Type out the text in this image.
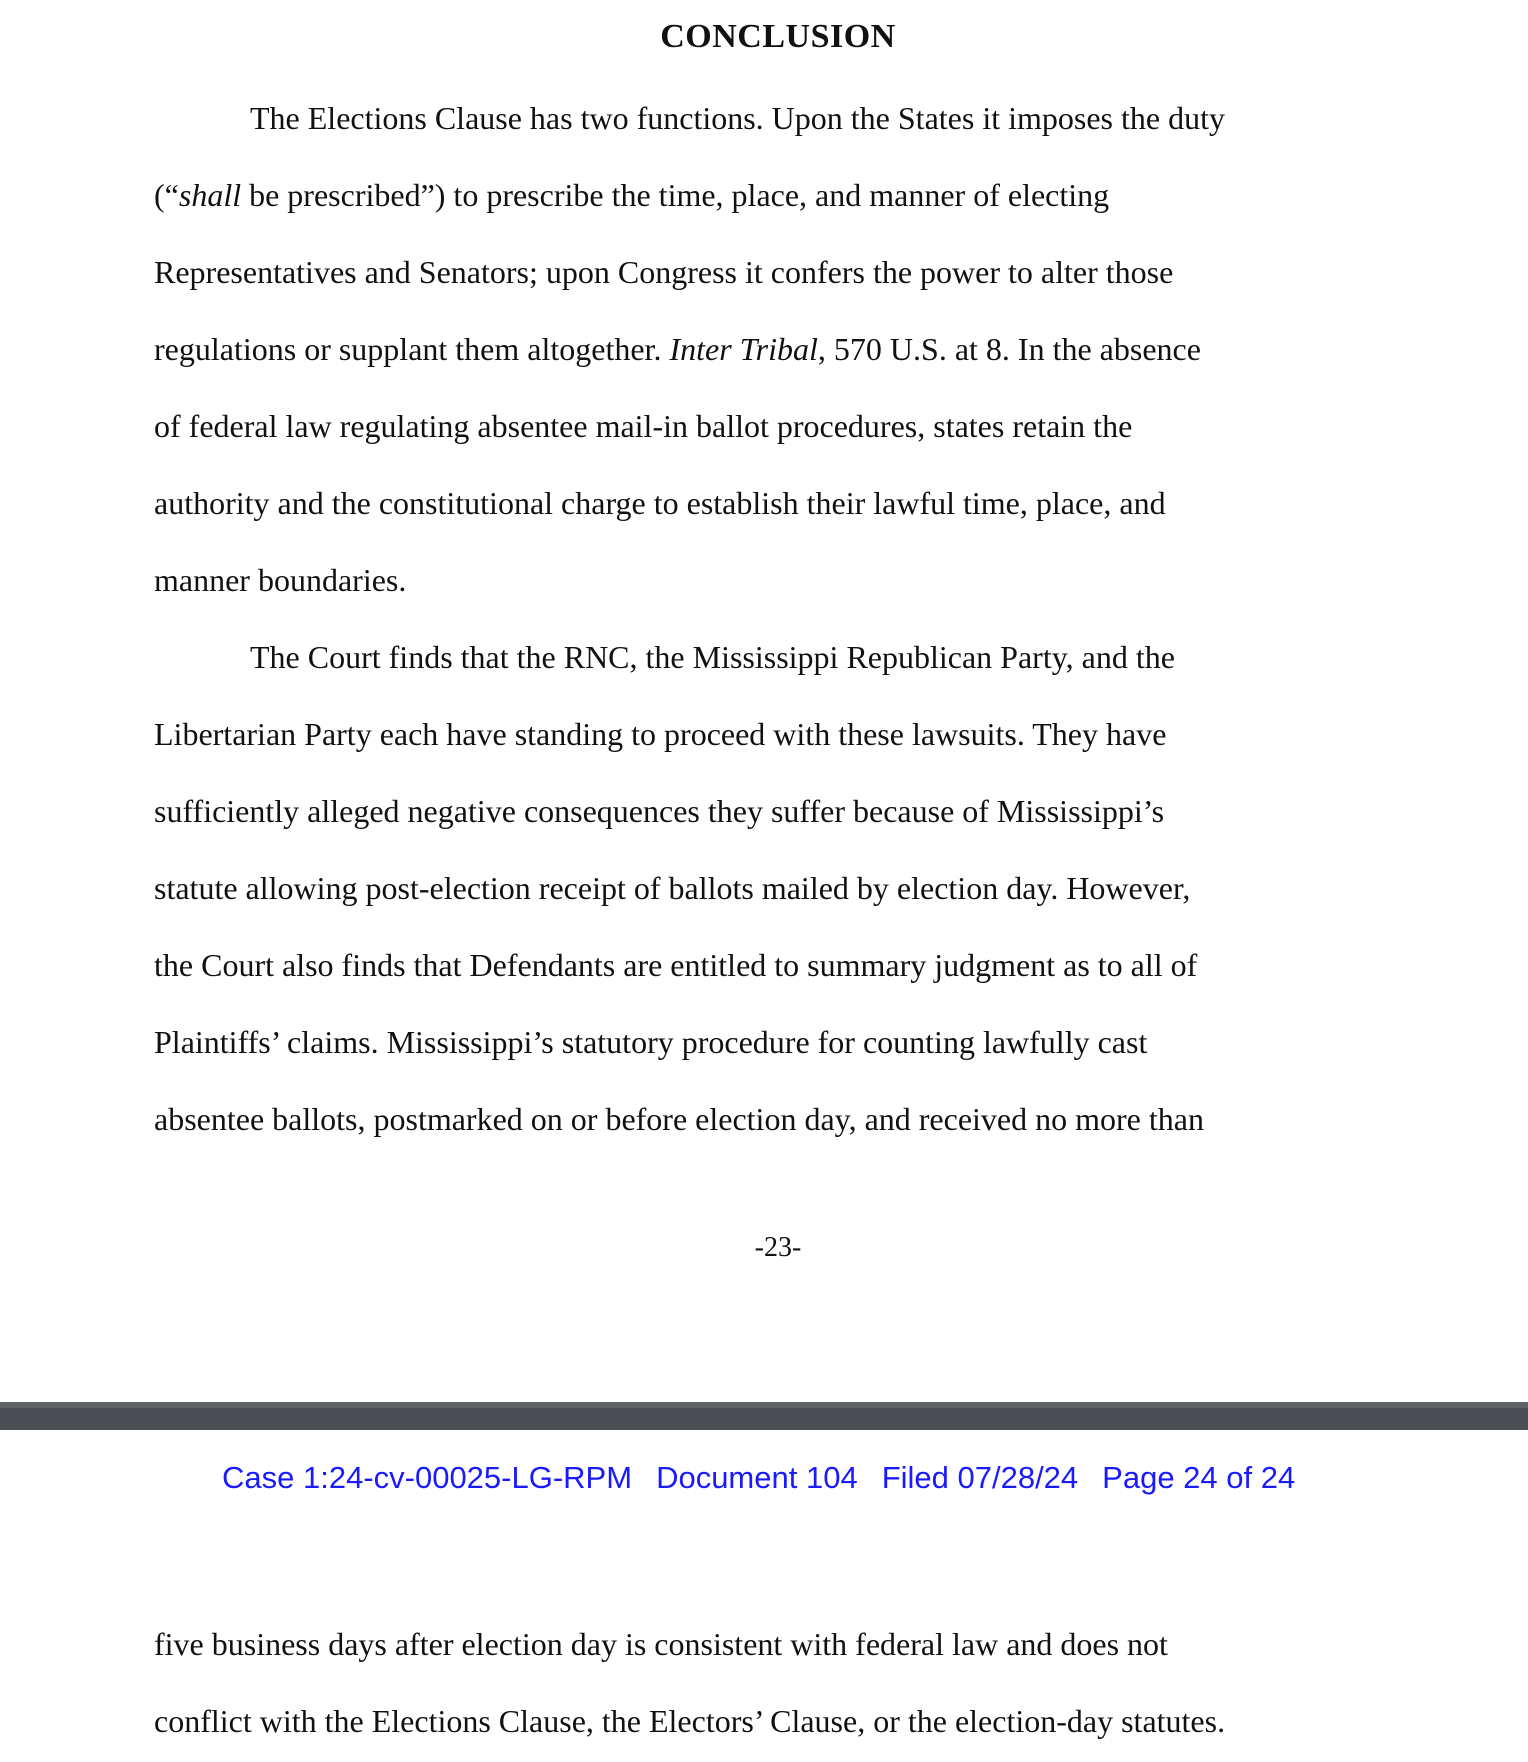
CONCLUSION

The Elections Clause has two functions. Upon the States it imposes the duty

(“shall be prescribed”) to prescribe the time, place, and manner of electing

Representatives and Senators; upon Congress it confers the power to alter those

regulations or supplant them altogether. Inter Tribal, 570 U.S. at 8. In the absence

of federal law regulating absentee mail-in ballot procedures, states retain the

authority and the constitutional charge to establish their lawful time, place, and

manner boundaries.

The Court finds that the RNC, the Mississippi Republican Party, and the

Libertarian Party each have standing to proceed with these lawsuits. They have

sufficiently alleged negative consequences they suffer because of Mississippi’s

statute allowing post-election receipt of ballots mailed by election day. However,

the Court also finds that Defendants are entitled to summary judgment as to all of

Plaintiffs’ claims. Mississippi’s statutory procedure for counting lawfully cast

absentee ballots, postmarked on or before election day, and received no more than

-23-
Case 1:24-cv-00025-LG-RPM Document 104 Filed 07/28/24 Page 24 of 24

five business days after election day is consistent with federal law and does not

conflict with the Elections Clause, the Electors’ Clause, or the election-day statutes.
